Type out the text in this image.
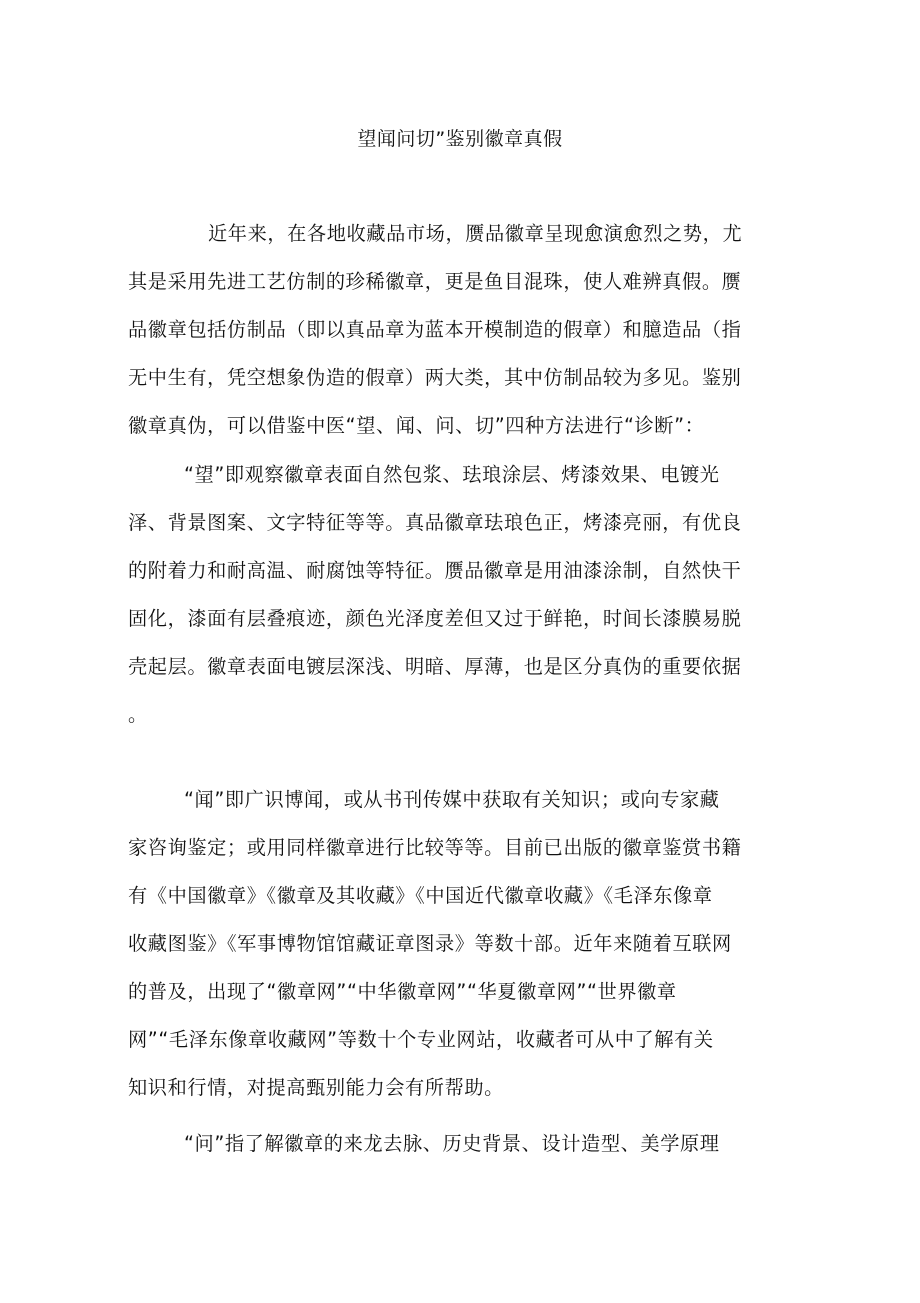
望闻问切”鉴别徽章真假
近年来，在各地收藏品市场，赝品徽章呈现愈演愈烈之势，尤
其是采用先进工艺仿制的珍稀徽章，更是鱼目混珠，使人难辨真假。赝
品徽章包括仿制品（即以真品章为蓝本开模制造的假章）和臆造品（指
无中生有，凭空想象伪造的假章）两大类，其中仿制品较为多见。鉴别
徽章真伪，可以借鉴中医“望、闻、问、切”四种方法进行“诊断”：
“望”即观察徽章表面自然包浆、珐琅涂层、烤漆效果、电镀光
泽、背景图案、文字特征等等。真品徽章珐琅色正，烤漆亮丽，有优良
的附着力和耐高温、耐腐蚀等特征。赝品徽章是用油漆涂制，自然快干
固化，漆面有层叠痕迹，颜色光泽度差但又过于鲜艳，时间长漆膜易脱
壳起层。徽章表面电镀层深浅、明暗、厚薄，也是区分真伪的重要依据
。
“闻”即广识博闻，或从书刊传媒中获取有关知识；或向专家藏
家咨询鉴定；或用同样徽章进行比较等等。目前已出版的徽章鉴赏书籍
有《中国徽章》《徽章及其收藏》《中国近代徽章收藏》《毛泽东像章
收藏图鉴》《军事博物馆馆藏证章图录》等数十部。近年来随着互联网
的普及，出现了“徽章网”“中华徽章网”“华夏徽章网”“世界徽章
网”“毛泽东像章收藏网”等数十个专业网站，收藏者可从中了解有关
知识和行情，对提高甄别能力会有所帮助。
“问”指了解徽章的来龙去脉、历史背景、设计造型、美学原理
